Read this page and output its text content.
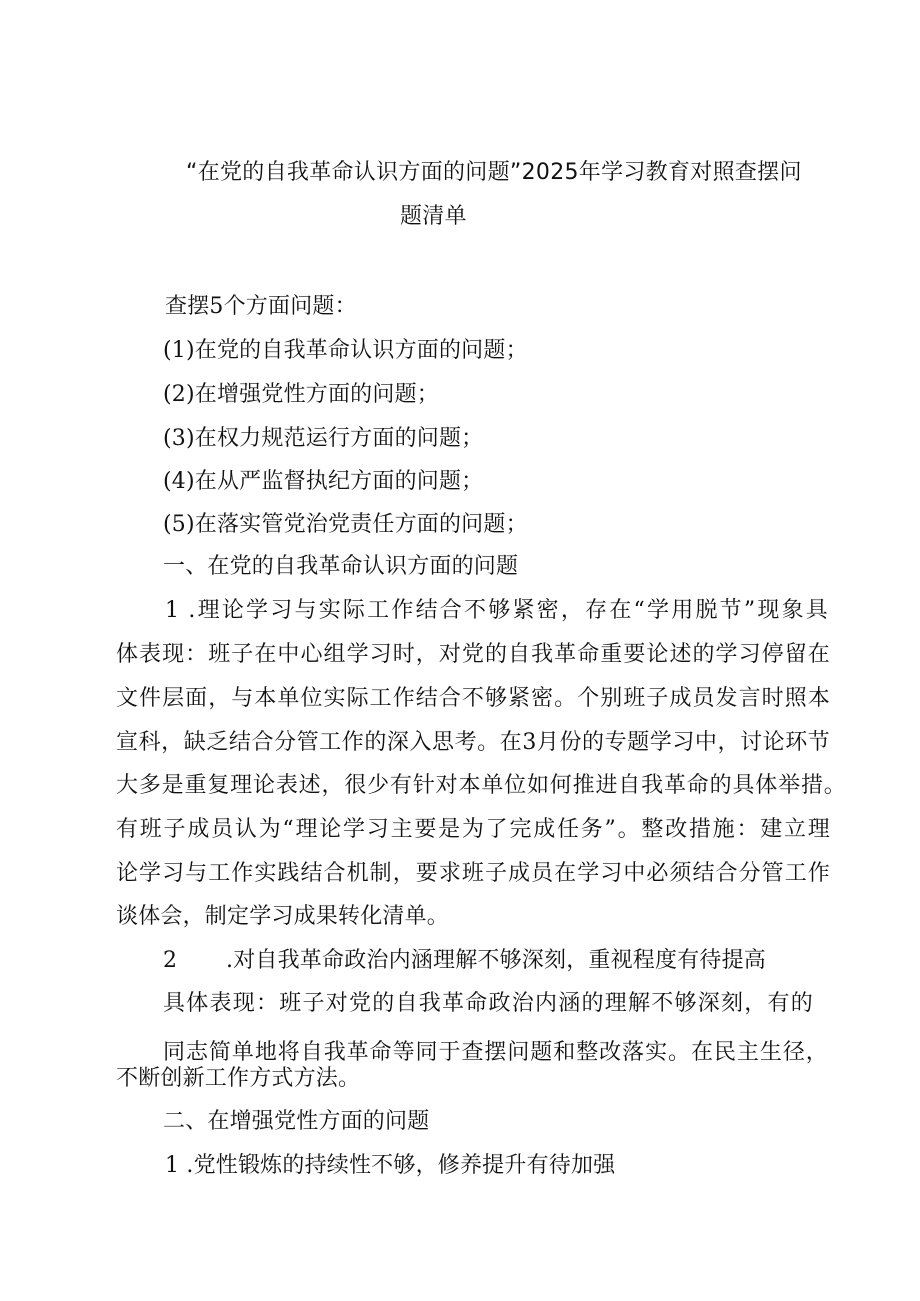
“在党的自我革命认识方面的问题”2025年学习教育对照查摆问
题清单
查摆5个方面问题：
(1)在党的自我革命认识方面的问题；
(2)在增强党性方面的问题；
(3)在权力规范运行方面的问题；
(4)在从严监督执纪方面的问题；
(5)在落实管党治党责任方面的问题；
一、在党的自我革命认识方面的问题
1 .理论学习与实际工作结合不够紧密，存在“学用脱节”现象具
体表现：班子在中心组学习时，对党的自我革命重要论述的学习停留在
文件层面，与本单位实际工作结合不够紧密。个别班子成员发言时照本
宣科，缺乏结合分管工作的深入思考。在3月份的专题学习中，讨论环节
大多是重复理论表述，很少有针对本单位如何推进自我革命的具体举措。
有班子成员认为“理论学习主要是为了完成任务”。整改措施：建立理
论学习与工作实践结合机制，要求班子成员在学习中必须结合分管工作
谈体会，制定学习成果转化清单。
2 .对自我革命政治内涵理解不够深刻，重视程度有待提高
具体表现：班子对党的自我革命政治内涵的理解不够深刻，有的
同志简单地将自我革命等同于查摆问题和整改落实。在民主生径，
不断创新工作方式方法。
二、在增强党性方面的问题
1 .党性锻炼的持续性不够，修养提升有待加强
